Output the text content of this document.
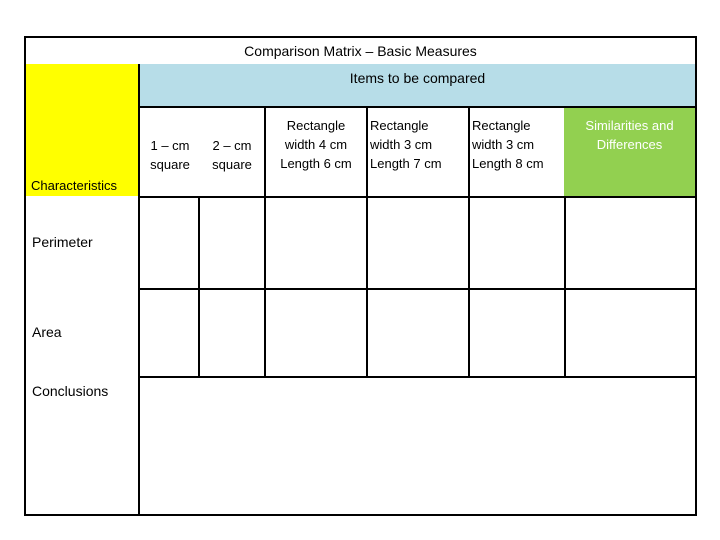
Comparison Matrix – Basic Measures
Items to be compared
1 – cm
square
2 – cm
square
Rectangle
width 4 cm
Length 6 cm
Rectangle
width 3 cm
Length 7 cm
Rectangle
width 3 cm
Length 8 cm
Similarities and
Differences
Characteristics
Perimeter
Area
Conclusions
